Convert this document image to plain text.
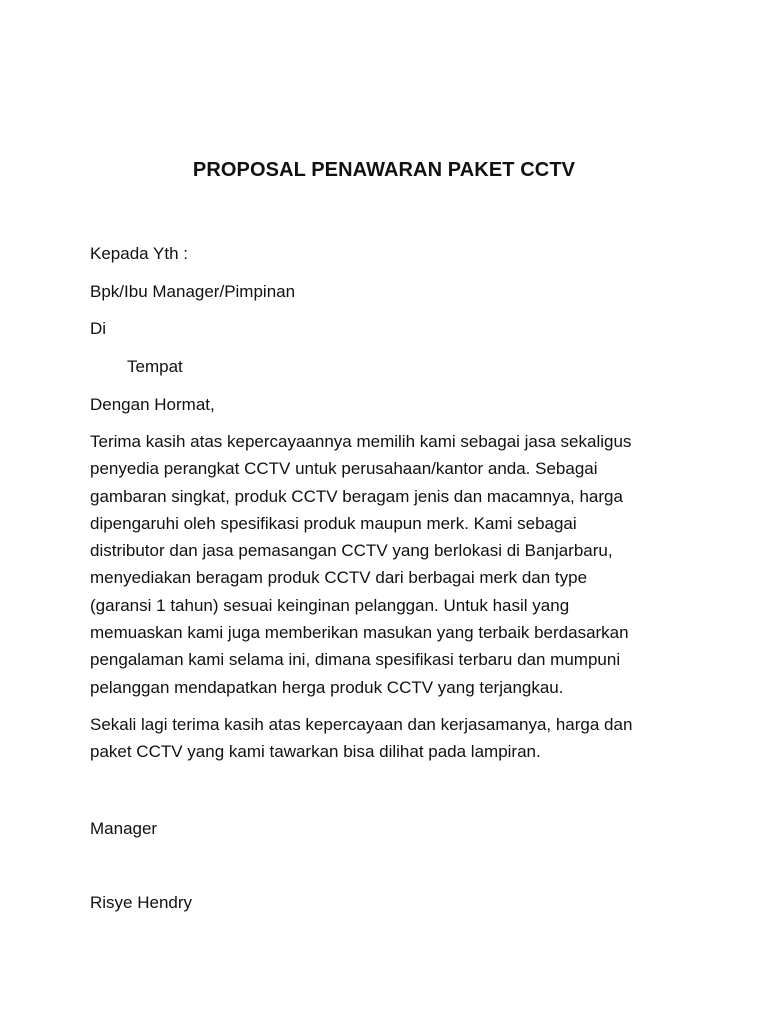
PROPOSAL PENAWARAN PAKET CCTV
Kepada Yth :
Bpk/Ibu Manager/Pimpinan
Di
Tempat
Dengan Hormat,
Terima kasih atas kepercayaannya memilih kami sebagai jasa sekaligus
penyedia perangkat CCTV untuk perusahaan/kantor anda. Sebagai
gambaran singkat, produk CCTV beragam jenis dan macamnya, harga
dipengaruhi oleh spesifikasi produk maupun merk. Kami sebagai
distributor dan jasa pemasangan CCTV yang berlokasi di Banjarbaru,
menyediakan beragam produk CCTV dari berbagai merk dan type
(garansi 1 tahun) sesuai keinginan pelanggan. Untuk hasil yang
memuaskan kami juga memberikan masukan yang terbaik berdasarkan
pengalaman kami selama ini, dimana spesifikasi terbaru dan mumpuni
pelanggan mendapatkan herga produk CCTV yang terjangkau.
Sekali lagi terima kasih atas kepercayaan dan kerjasamanya, harga dan
paket CCTV yang kami tawarkan bisa dilihat pada lampiran.
Manager
Risye Hendry
